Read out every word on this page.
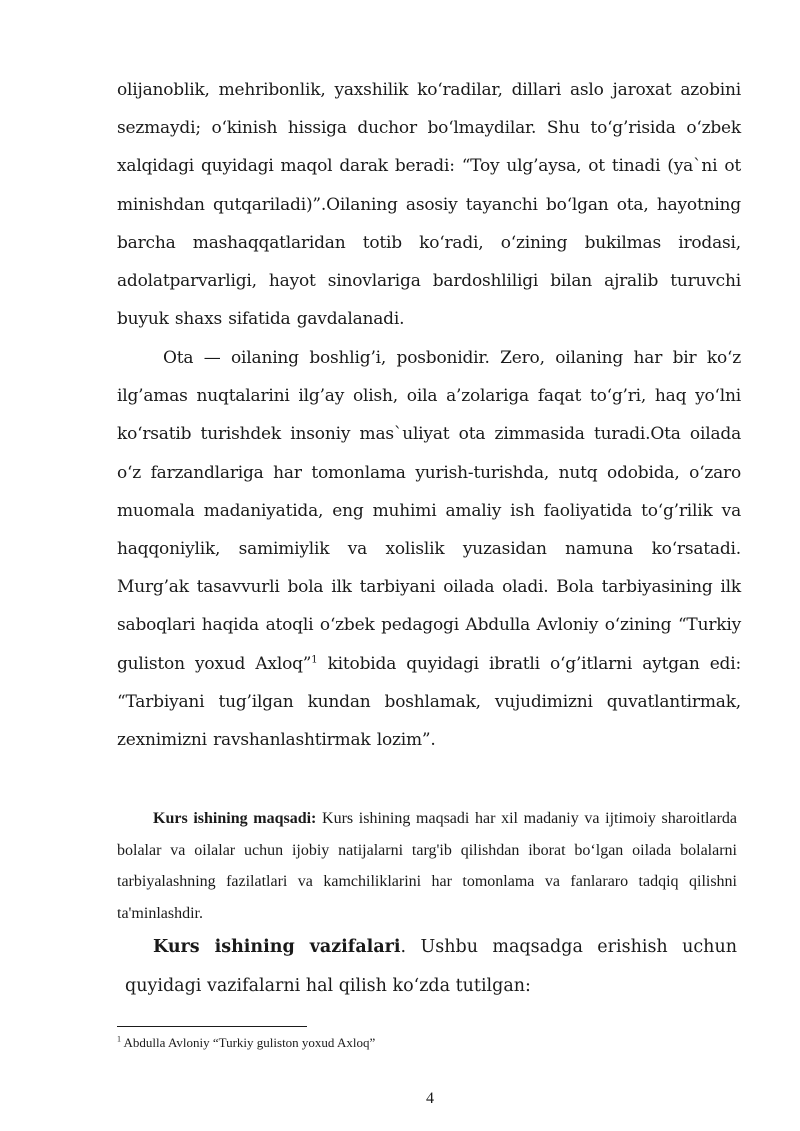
olijanoblik, mehribonlik, yaxshilik ko‘radilar, dillari aslo jaroxat azobini sezmaydi; o‘kinish hissiga duchor bo‘lmaydilar. Shu to‘g’risida o‘zbek xalqidagi quyidagi maqol darak beradi: “Toy ulg’aysa, ot tinadi (ya`ni ot minishdan qutqariladi)”.Oilaning asosiy tayanchi bo‘lgan ota, hayotning barcha mashaqqatlaridan totib ko‘radi, o‘zining bukilmas irodasi, adolatparvarligi, hayot sinovlariga bardoshliligi bilan ajralib turuvchi buyuk shaxs sifatida gavdalanadi.

Ota — oilaning boshlig’i, posbonidir. Zero, oilaning har bir ko‘z ilg’amas nuqtalarini ilg’ay olish, oila a’zolariga faqat to‘g’ri, haq yo‘lni ko‘rsatib turishdek insoniy mas`uliyat ota zimmasida turadi.Ota oilada o‘z farzandlariga har tomonlama yurish-turishda, nutq odobida, o‘zaro muomala madaniyatida, eng muhimi amaliy ish faoliyatida to‘g’rilik va haqqoniylik, samimiylik va xolislik yuzasidan namuna ko‘rsatadi. Murg’ak tasavvurli bola ilk tarbiyani oilada oladi. Bola tarbiyasining ilk saboqlari haqida atoqli o‘zbek pedagogi Abdulla Avloniy o‘zining “Turkiy guliston yoxud Axloq”$^1$ kitobida quyidagi ibratli o‘g’itlarni aytgan edi: “Tarbiyani tug’ilgan kundan boshlamak, vujudimizni quvatlantirmak, zexnimizni ravshanlashtirmak lozim”.

Kurs ishining maqsadi: Kurs ishining maqsadi har xil madaniy va ijtimoiy sharoitlarda bolalar va oilalar uchun ijobiy natijalarni targ'ib qilishdan iborat bo‘lgan oilada bolalarni tarbiyalashning fazilatlari va kamchiliklarini har tomonlama va fanlararo tadqiq qilishni ta'minlashdir.

Kurs ishining vazifalari. Ushbu maqsadga erishish uchun quyidagi vazifalarni hal qilish ko‘zda tutilgan:

$^1$ Abdulla Avloniy “Turkiy guliston yoxud Axloq”
4
